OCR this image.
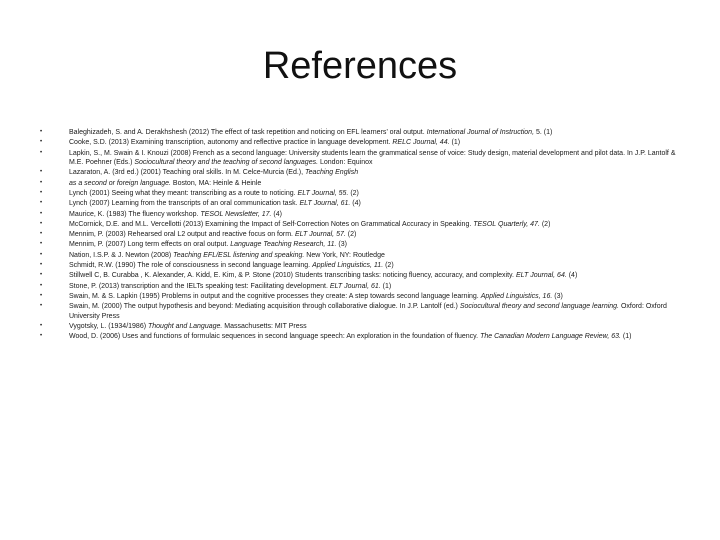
References
•	Baleghizadeh, S. and A. Derakhshesh (2012) The effect of task repetition and noticing on EFL learners’ oral output. International Journal of Instruction, 5. (1)
•	Cooke, S.D. (2013) Examining transcription, autonomy and reflective practice in language development. RELC Journal, 44. (1)
•	Lapkin, S., M. Swain & I. Knouzi (2008) French as a second language: University students learn the grammatical sense of voice: Study design, material development and pilot data. In J.P. Lantolf & M.E. Poehner (Eds.) Sociocultural theory and the teaching of second languages. London: Equinox
•	Lazaraton, A. (3rd ed.) (2001) Teaching oral skills. In M. Celce-Murcia (Ed.), Teaching English
•	as a second or foreign language. Boston, MA: Heinle & Heinle
•	Lynch (2001) Seeing what they meant: transcribing as a route to noticing. ELT Journal, 55. (2)
•	Lynch (2007) Learning from the transcripts of an oral communication task. ELT Journal, 61. (4)
•	Maurice, K. (1983) The fluency workshop. TESOL Newsletter, 17. (4)
•	McCornick, D.E. and M.L. Vercellotti (2013) Examining the Impact of Self-Correction Notes on Grammatical Accuracy in Speaking. TESOL Quarterly, 47. (2)
•	Mennim, P. (2003) Rehearsed oral L2 output and reactive focus on form. ELT Journal, 57. (2)
•	Mennim, P. (2007) Long term effects on oral output. Language Teaching Research, 11. (3)
•	Nation, I.S.P. & J. Newton (2008) Teaching EFL/ESL listening and speaking. New York, NY: Routledge
•	Schmidt, R.W. (1990) The role of consciousness in second language learning. Applied Linguistics, 11. (2)
•	Stillwell C, B. Curabba , K. Alexander, A. Kidd, E. Kim, & P. Stone (2010) Students transcribing tasks: noticing fluency, accuracy, and complexity. ELT Journal, 64. (4)
•	Stone, P. (2013) transcription and the IELTs speaking test: Facilitating development. ELT Journal, 61. (1)
•	Swain, M. & S. Lapkin (1995) Problems in output and the cognitive processes they create: A step towards second language learning. Applied Linguistics, 16. (3)
•	Swain, M. (2000) The output hypothesis and beyond: Mediating acquisition through collaborative dialogue. In J.P. Lantolf (ed.) Sociocultural theory and second language learning. Oxford: Oxford University Press
•	Vygotsky, L. (1934/1986) Thought and Language. Massachusetts: MIT Press
•	Wood, D. (2006) Uses and functions of formulaic sequences in second language speech: An exploration in the foundation of fluency. The Canadian Modern Language Review, 63. (1)
